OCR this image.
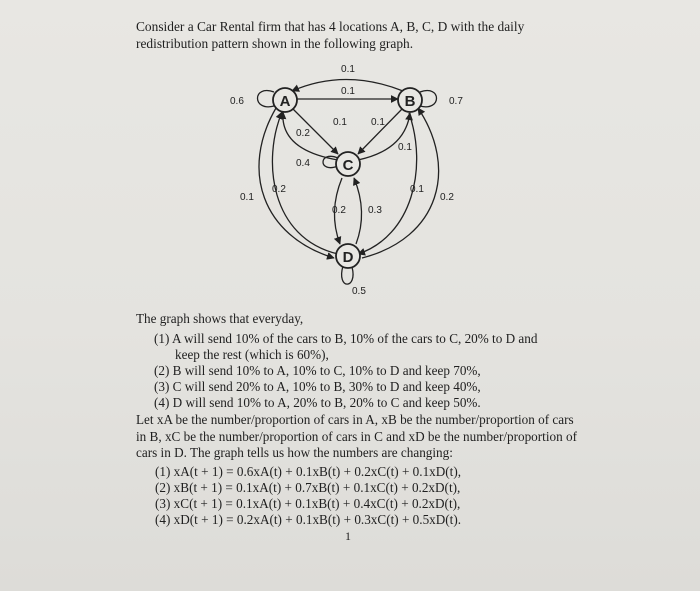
Consider a Car Rental firm that has 4 locations A, B, C, D with the daily
redistribution pattern shown in the following graph.
A	B
C
D
0.1
0.1
0.6	0.7
0.1 0.1
0.2
0.1
0.4
0.2
0.1
0.1
0.2
0.2 0.3
0.5
The graph shows that everyday,
(1) A will send 10% of the cars to B, 10% of the cars to C, 20% to D and
keep the rest (which is 60%),
(2) B will send 10% to A, 10% to C, 10% to D and keep 70%,
(3) C will send 20% to A, 10% to B, 30% to D and keep 40%,
(4) D will send 10% to A, 20% to B, 20% to C and keep 50%.
Let xA be the number/proportion of cars in A, xB be the number/proportion of cars in B, xC be the number/proportion of cars in C and xD be the number/proportion of cars in D. The graph tells us how the numbers are changing:
(1) xA(t + 1) = 0.6xA(t) + 0.1xB(t) + 0.2xC(t) + 0.1xD(t),
(2) xB(t + 1) = 0.1xA(t) + 0.7xB(t) + 0.1xC(t) + 0.2xD(t),
(3) xC(t + 1) = 0.1xA(t) + 0.1xB(t) + 0.4xC(t) + 0.2xD(t),
(4) xD(t + 1) = 0.2xA(t) + 0.1xB(t) + 0.3xC(t) + 0.5xD(t).
1
